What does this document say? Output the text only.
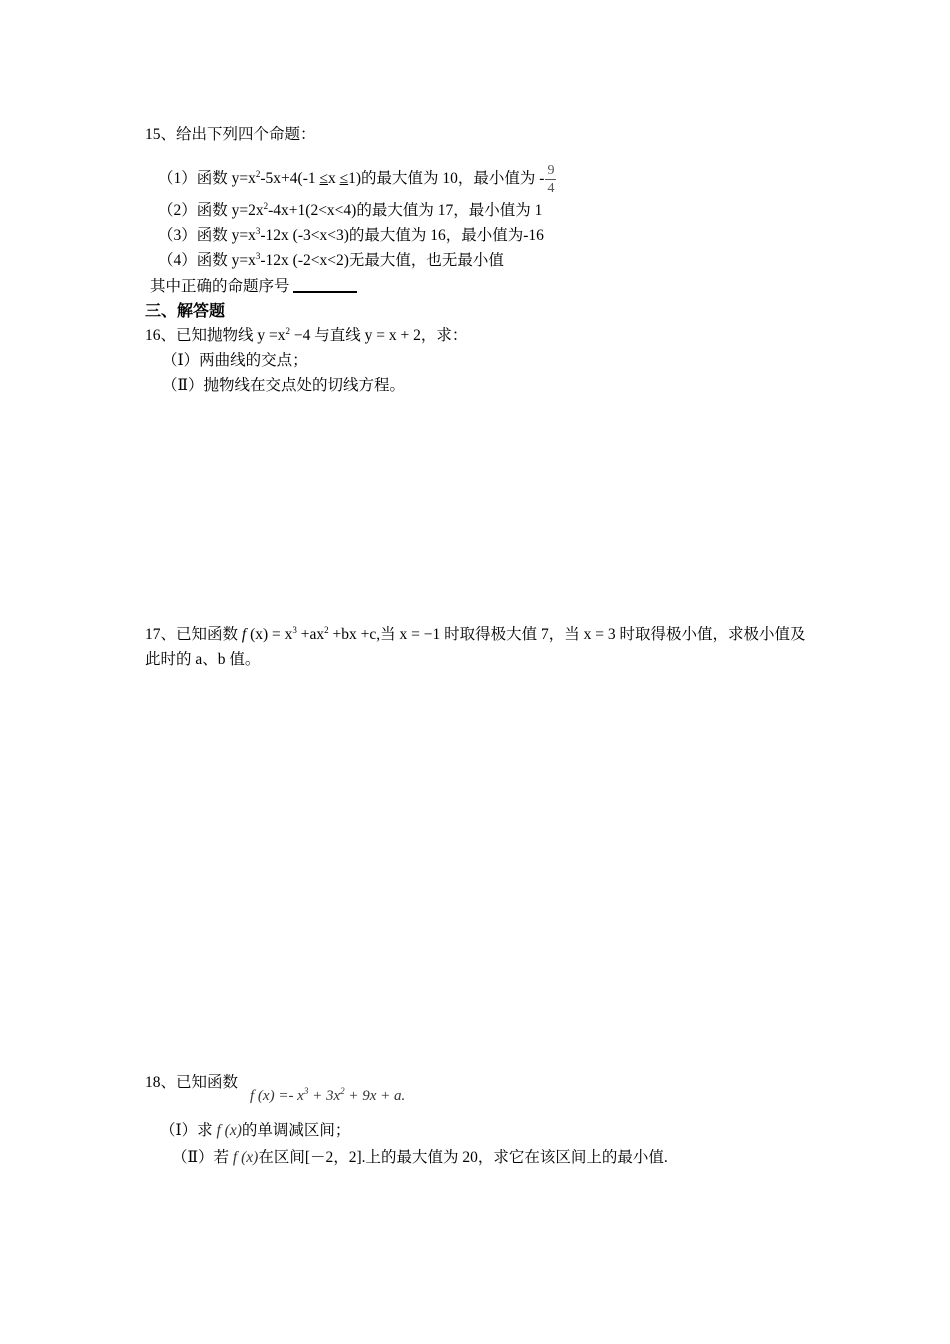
15、给出下列四个命题：
（1）函数 $y=x^2-5x+4(-1 \le x \le 1)$的最大值为 10，最小值为 - $\frac{9}{4}$
（2）函数 $y=2x^2-4x+1(2<x<4)$的最大值为 17，最小值为 1
（3）函数 $y=x^3-12x$ (-3<x<3)的最大值为 16，最小值为-16
（4）函数 $y=x^3-12x$ (-2<x<2)无最大值，也无最小值
其中正确的命题序号
三、解答题
16、已知抛物线 $y =x^2 -4$ 与直线 y = x + 2，求：
（Ⅰ）两曲线的交点；
（Ⅱ）抛物线在交点处的切线方程。
17、已知函数 f $(x) = x^3 +ax^2 +bx +c$,当 x = −1 时取得极大值 7，当 x = 3 时取得极小值，求极小值及
此时的 a、b 值。
18、已知函数
f $(x) =- x^3 + 3x^2 + 9x + a$.
（Ⅰ）求 f (x)的单调减区间；
（Ⅱ）若 f (x)在区间[－2，2].上的最大值为 20，求它在该区间上的最小值.
